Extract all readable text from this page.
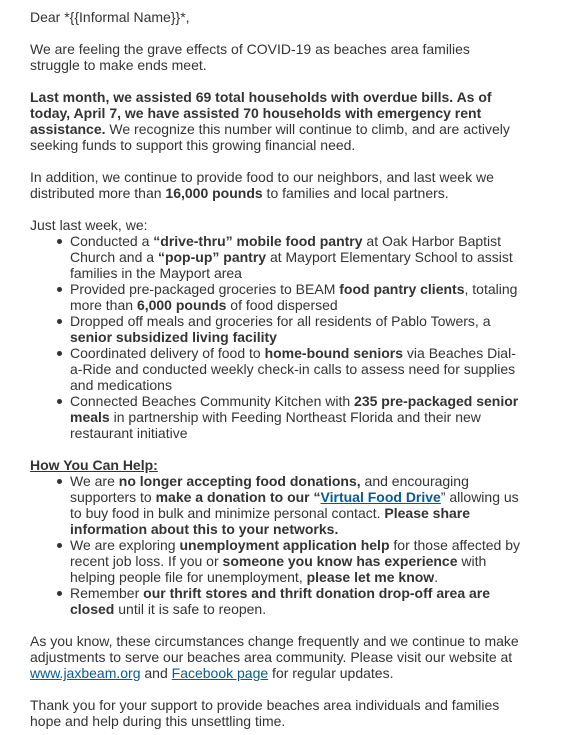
Dear *{{Informal Name}}*,

We are feeling the grave effects of COVID-19 as beaches area families struggle to make ends meet.

Last month, we assisted 69 total households with overdue bills. As of today, April 7, we have assisted 70 households with emergency rent assistance. We recognize this number will continue to climb, and are actively seeking funds to support this growing financial need.

In addition, we continue to provide food to our neighbors, and last week we distributed more than 16,000 pounds to families and local partners.

Just last week, we:

Conducted a “drive-thru” mobile food pantry at Oak Harbor Baptist Church and a “pop-up” pantry at Mayport Elementary School to assist families in the Mayport area
Provided pre-packaged groceries to BEAM food pantry clients, totaling more than 6,000 pounds of food dispersed
Dropped off meals and groceries for all residents of Pablo Towers, a senior subsidized living facility
Coordinated delivery of food to home-bound seniors via Beaches Dial-a-Ride and conducted weekly check-in calls to assess need for supplies and medications
Connected Beaches Community Kitchen with 235 pre-packaged senior meals in partnership with Feeding Northeast Florida and their new restaurant initiative

How You Can Help:

We are no longer accepting food donations, and encouraging supporters to make a donation to our “Virtual Food Drive” allowing us to buy food in bulk and minimize personal contact. Please share information about this to your networks.
We are exploring unemployment application help for those affected by recent job loss. If you or someone you know has experience with helping people file for unemployment, please let me know.
Remember our thrift stores and thrift donation drop-off area are closed until it is safe to reopen.

As you know, these circumstances change frequently and we continue to make adjustments to serve our beaches area community. Please visit our website at www.jaxbeam.org and Facebook page for regular updates.

Thank you for your support to provide beaches area individuals and families hope and help during this unsettling time.
